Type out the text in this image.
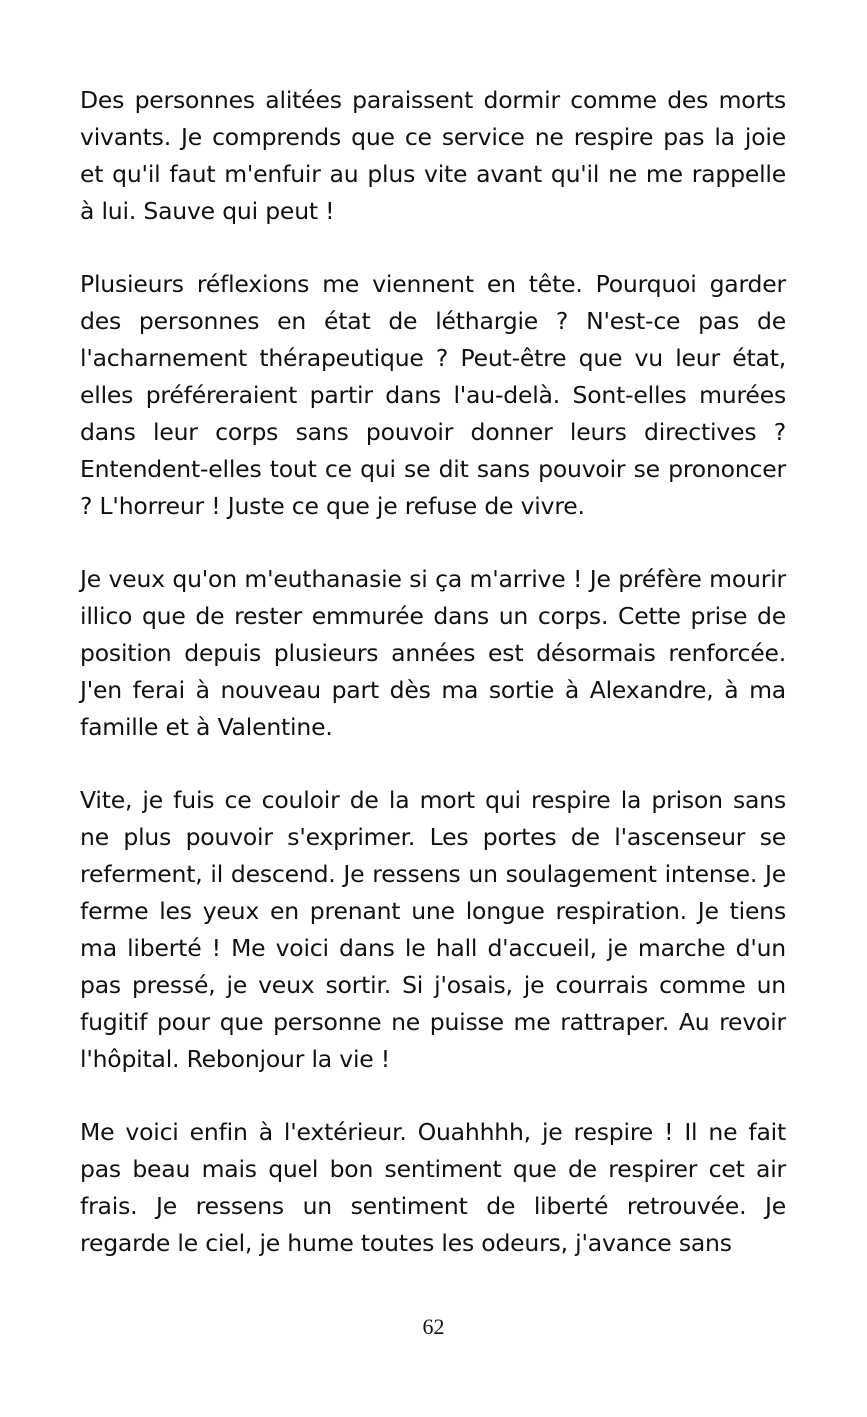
Des personnes alitées paraissent dormir comme des morts vivants. Je comprends que ce service ne respire pas la joie et qu'il faut m'enfuir au plus vite avant qu'il ne me rappelle à lui. Sauve qui peut !

Plusieurs réflexions me viennent en tête. Pourquoi garder des personnes en état de léthargie ? N'est-ce pas de l'acharnement thérapeutique ? Peut-être que vu leur état, elles préféreraient partir dans l'au-delà. Sont-elles murées dans leur corps sans pouvoir donner leurs directives ? Entendent-elles tout ce qui se dit sans pouvoir se prononcer ? L'horreur ! Juste ce que je refuse de vivre.

Je veux qu'on m'euthanasie si ça m'arrive ! Je préfère mourir illico que de rester emmurée dans un corps. Cette prise de position depuis plusieurs années est désormais renforcée. J'en ferai à nouveau part dès ma sortie à Alexandre, à ma famille et à Valentine.

Vite, je fuis ce couloir de la mort qui respire la prison sans ne plus pouvoir s'exprimer. Les portes de l'ascenseur se referment, il descend. Je ressens un soulagement intense. Je ferme les yeux en prenant une longue respiration. Je tiens ma liberté ! Me voici dans le hall d'accueil, je marche d'un pas pressé, je veux sortir. Si j'osais, je courrais comme un fugitif pour que personne ne puisse me rattraper. Au revoir l'hôpital. Rebonjour la vie !

Me voici enfin à l'extérieur. Ouahhhh, je respire ! Il ne fait pas beau mais quel bon sentiment que de respirer cet air frais. Je ressens un sentiment de liberté retrouvée. Je regarde le ciel, je hume toutes les odeurs, j'avance sans

62
